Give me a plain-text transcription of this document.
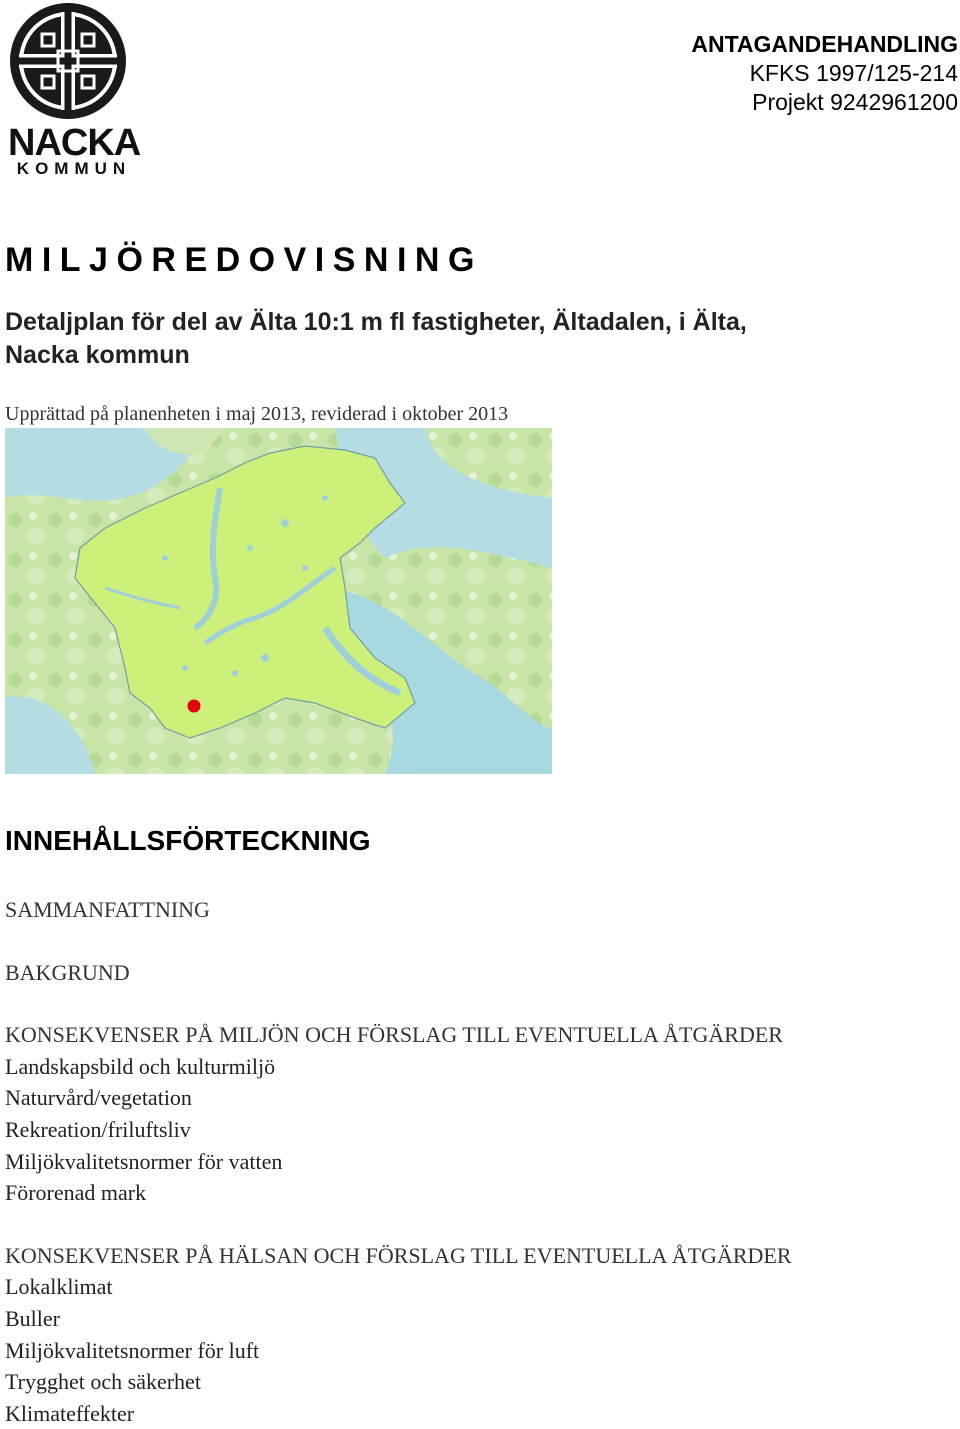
NACKA
KOMMUN
ANTAGANDEHANDLING
KFKS 1997/125-214
Projekt 9242961200
MILJÖREDOVISNING
Detaljplan för del av Älta 10:1 m fl fastigheter, Ältadalen, i Älta,
Nacka kommun

Upprättad på planenheten i maj 2013, reviderad i oktober 2013

INNEHÅLLSFÖRTECKNING
SAMMANFATTNING
BAKGRUND
KONSEKVENSER PÅ MILJÖN OCH FÖRSLAG TILL EVENTUELLA ÅTGÄRDER
Landskapsbild och kulturmiljö
Naturvård/vegetation
Rekreation/friluftsliv
Miljökvalitetsnormer för vatten
Förorenad mark
KONSEKVENSER PÅ HÄLSAN OCH FÖRSLAG TILL EVENTUELLA ÅTGÄRDER
Lokalklimat
Buller
Miljökvalitetsnormer för luft
Trygghet och säkerhet
Klimateffekter
